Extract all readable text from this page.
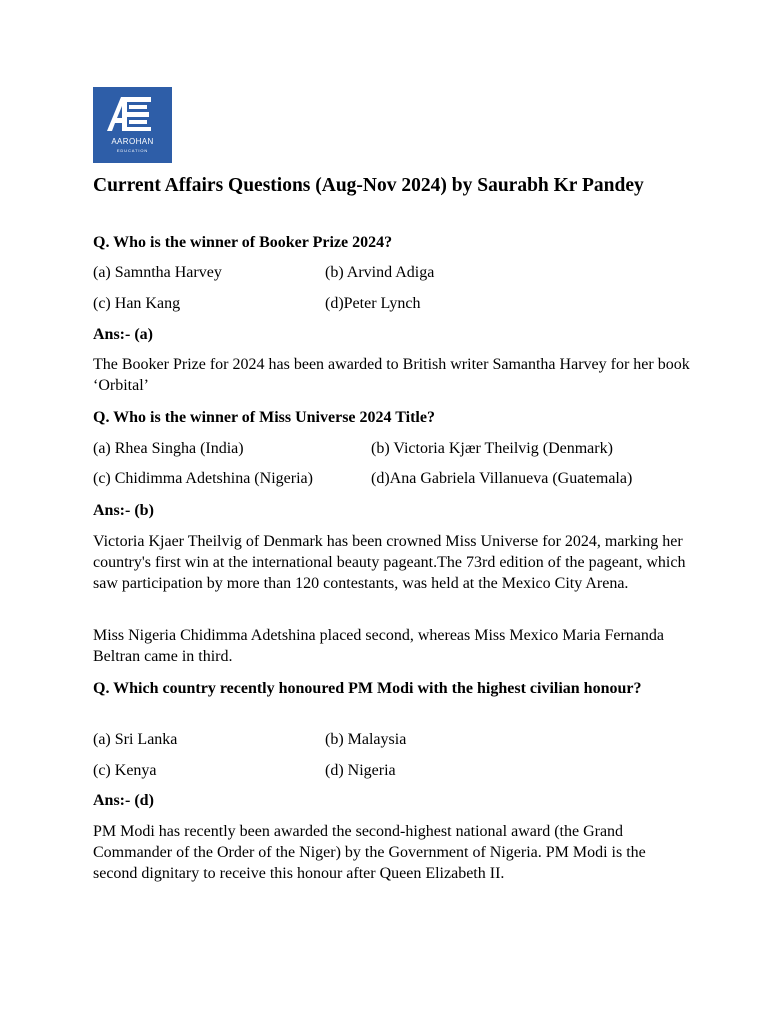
AAROHAN
EDUCATION
Current Affairs Questions (Aug-Nov 2024) by Saurabh Kr Pandey
Q. Who is the winner of Booker Prize 2024?
(a) Samntha Harvey	(b) Arvind Adiga
(c) Han Kang	(d)Peter Lynch
Ans:- (a)
The Booker Prize for 2024 has been awarded to British writer Samantha Harvey for her book ‘Orbital’
Q. Who is the winner of Miss Universe 2024 Title?
(a) Rhea Singha (India)	(b) Victoria Kjær Theilvig (Denmark)
(c) Chidimma Adetshina (Nigeria)	(d)Ana Gabriela Villanueva (Guatemala)
Ans:- (b)
Victoria Kjaer Theilvig of Denmark has been crowned Miss Universe for 2024, marking her country's first win at the international beauty pageant.The 73rd edition of the pageant, which saw participation by more than 120 contestants, was held at the Mexico City Arena.
Miss Nigeria Chidimma Adetshina placed second, whereas Miss Mexico Maria Fernanda Beltran came in third.
Q. Which country recently honoured PM Modi with the highest civilian honour?
(a) Sri Lanka	(b) Malaysia
(c) Kenya	(d) Nigeria
Ans:- (d)
PM Modi has recently been awarded the second-highest national award (the Grand Commander of the Order of the Niger) by the Government of Nigeria. PM Modi is the second dignitary to receive this honour after Queen Elizabeth II.
